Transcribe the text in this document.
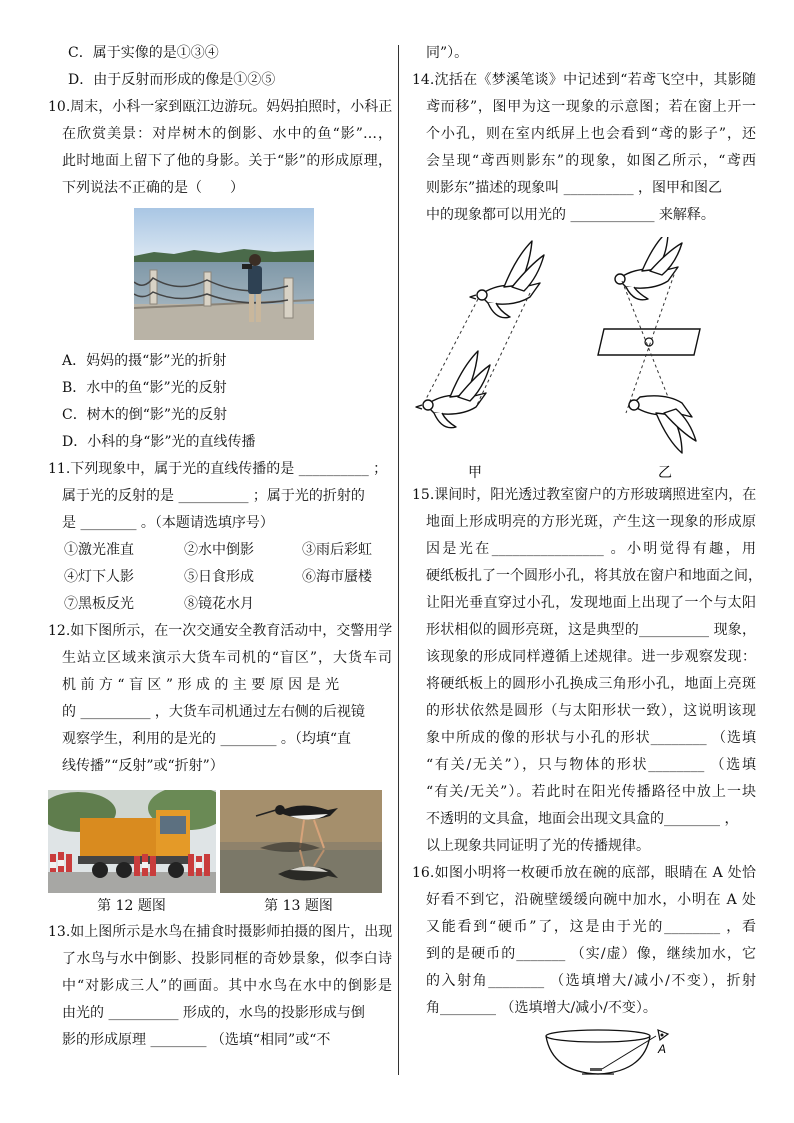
C．属于实像的是①③④
D．由于反射而形成的像是①②⑤
10.周末，小科一家到瓯江边游玩。妈妈拍照时，小科正
在欣赏美景：对岸树木的倒影、水中的鱼“影”…，
此时地面上留下了他的身影。关于“影”的形成原理，
下列说法不正确的是（　　）
A．妈妈的摄“影”光的折射
B．水中的鱼“影”光的反射
C．树木的倒“影”光的反射
D．小科的身“影”光的直线传播
11.下列现象中，属于光的直线传播的是 __________ ；
属于光的反射的是 __________ ；属于光的折射的
是 ________ 。（本题请选填序号）
①激光准直	②水中倒影	③雨后彩虹
④灯下人影	⑤日食形成	⑥海市蜃楼
⑦黑板反光	⑧镜花水月
12.如下图所示，在一次交通安全教育活动中，交警用学
生站立区域来演示大货车司机的“盲区”，大货车司
机 前 方 “ 盲 区 ” 形 成 的 主 要 原 因 是 光
的 __________ ，大货车司机通过左右侧的后视镜
观察学生，利用的是光的 ________ 。（均填“直
线传播”“反射”或“折射”）
第 12 题图	第 13 题图
13.如上图所示是水鸟在捕食时摄影师拍摄的图片，出现
了水鸟与水中倒影、投影同框的奇妙景象，似李白诗
中“对影成三人”的画面。其中水鸟在水中的倒影是
由光的 __________ 形成的，水鸟的投影形成与倒
影的形成原理 ________ （选填“相同”或“不
同”）。
14.沈括在《梦溪笔谈》中记述到“若鸢飞空中，其影随
鸢而移”，图甲为这一现象的示意图；若在窗上开一
个小孔，则在室内纸屏上也会看到“鸢的影子”，还
会呈现“鸢西则影东”的现象，如图乙所示，“鸢西
则影东”描述的现象叫 __________ ，图甲和图乙
中的现象都可以用光的 ____________ 来解释。
甲	乙
15.课间时，阳光透过教室窗户的方形玻璃照进室内，在
地面上形成明亮的方形光斑，产生这一现象的形成原
因是光在________________ 。小明觉得有趣，用
硬纸板扎了一个圆形小孔，将其放在窗户和地面之间，
让阳光垂直穿过小孔，发现地面上出现了一个与太阳
形状相似的圆形亮斑，这是典型的__________ 现象，
该现象的形成同样遵循上述规律。进一步观察发现：
将硬纸板上的圆形小孔换成三角形小孔，地面上亮斑
的形状依然是圆形（与太阳形状一致），这说明该现
象中所成的像的形状与小孔的形状________ （选填
“有关/无关”），只与物体的形状________ （选填
“有关/无关”）。若此时在阳光传播路径中放上一块
不透明的文具盒，地面会出现文具盒的________ ，
以上现象共同证明了光的传播规律。
16.如图小明将一枚硬币放在碗的底部，眼睛在 A 处恰
好看不到它，沿碗壁缓缓向碗中加水，小明在 A 处
又能看到“硬币”了，这是由于光的________ ，看
到的是硬币的_______ （实/虚）像，继续加水，它
的入射角________ （选填增大/减小/不变），折射
角________ （选填增大/减小/不变）。
A
